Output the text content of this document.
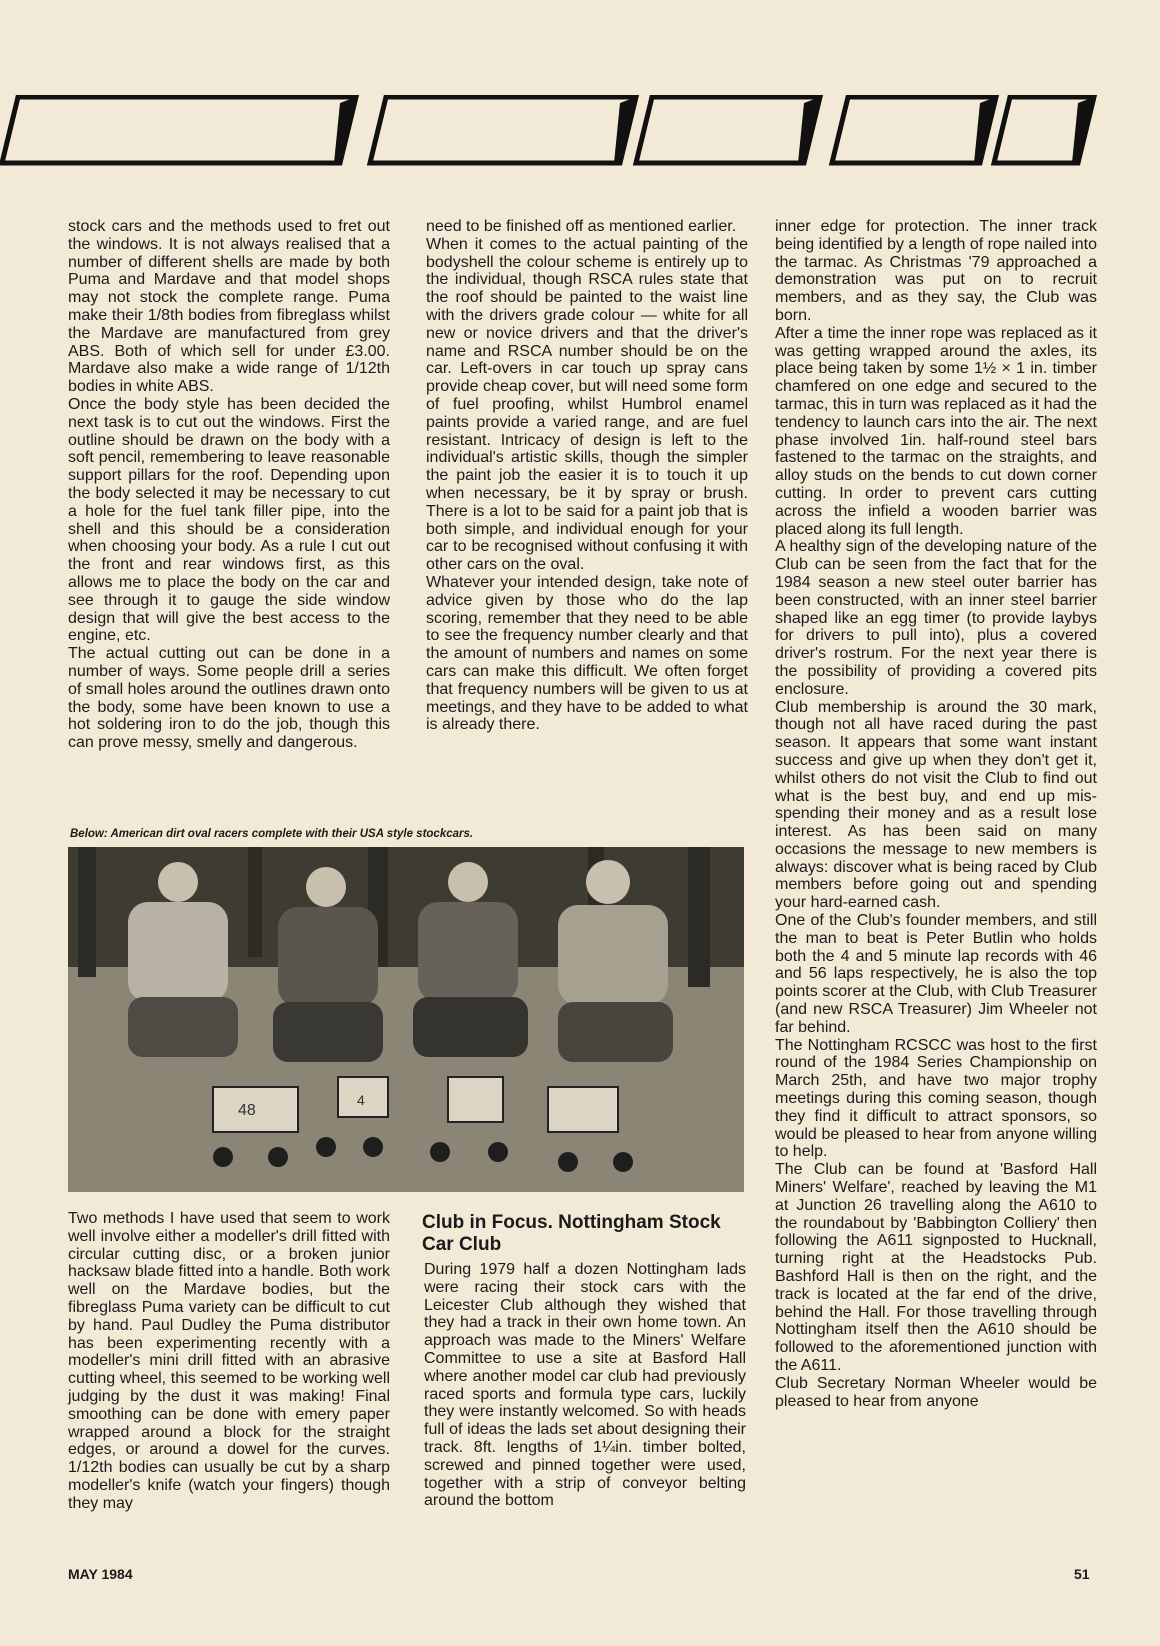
stock cars and the methods used to fret out the windows. It is not always realised that a number of different shells are made by both Puma and Mardave and that model shops may not stock the complete range. Puma make their 1/8th bodies from fibreglass whilst the Mardave are manufactured from grey ABS. Both of which sell for under £3.00. Mardave also make a wide range of 1/12th bodies in white ABS.
Once the body style has been decided the next task is to cut out the windows. First the outline should be drawn on the body with a soft pencil, remembering to leave reasonable support pillars for the roof. Depending upon the body selected it may be necessary to cut a hole for the fuel tank filler pipe, into the shell and this should be a consideration when choosing your body. As a rule I cut out the front and rear windows first, as this allows me to place the body on the car and see through it to gauge the side window design that will give the best access to the engine, etc.
The actual cutting out can be done in a number of ways. Some people drill a series of small holes around the outlines drawn onto the body, some have been known to use a hot soldering iron to do the job, though this can prove messy, smelly and dangerous.
need to be finished off as mentioned earlier.
When it comes to the actual painting of the bodyshell the colour scheme is entirely up to the individual, though RSCA rules state that the roof should be painted to the waist line with the drivers grade colour — white for all new or novice drivers and that the driver's name and RSCA number should be on the car. Left-overs in car touch up spray cans provide cheap cover, but will need some form of fuel proofing, whilst Humbrol enamel paints provide a varied range, and are fuel resistant. Intricacy of design is left to the individual's artistic skills, though the simpler the paint job the easier it is to touch it up when necessary, be it by spray or brush. There is a lot to be said for a paint job that is both simple, and individual enough for your car to be recognised without confusing it with other cars on the oval.
Whatever your intended design, take note of advice given by those who do the lap scoring, remember that they need to be able to see the frequency number clearly and that the amount of numbers and names on some cars can make this difficult. We often forget that frequency numbers will be given to us at meetings, and they have to be added to what is already there.
inner edge for protection. The inner track being identified by a length of rope nailed into the tarmac. As Christmas '79 approached a demonstration was put on to recruit members, and as they say, the Club was born.
After a time the inner rope was replaced as it was getting wrapped around the axles, its place being taken by some 1½ × 1 in. timber chamfered on one edge and secured to the tarmac, this in turn was replaced as it had the tendency to launch cars into the air. The next phase involved 1in. half-round steel bars fastened to the tarmac on the straights, and alloy studs on the bends to cut down corner cutting. In order to prevent cars cutting across the infield a wooden barrier was placed along its full length.
A healthy sign of the developing nature of the Club can be seen from the fact that for the 1984 season a new steel outer barrier has been constructed, with an inner steel barrier shaped like an egg timer (to provide laybys for drivers to pull into), plus a covered driver's rostrum. For the next year there is the possibility of providing a covered pits enclosure.
Club membership is around the 30 mark, though not all have raced during the past season. It appears that some want instant success and give up when they don't get it, whilst others do not visit the Club to find out what is the best buy, and end up mis-spending their money and as a result lose interest. As has been said on many occasions the message to new members is always: discover what is being raced by Club members before going out and spending your hard-earned cash.
One of the Club's founder members, and still the man to beat is Peter Butlin who holds both the 4 and 5 minute lap records with 46 and 56 laps respectively, he is also the top points scorer at the Club, with Club Treasurer (and new RSCA Treasurer) Jim Wheeler not far behind.
The Nottingham RCSCC was host to the first round of the 1984 Series Championship on March 25th, and have two major trophy meetings during this coming season, though they find it difficult to attract sponsors, so would be pleased to hear from anyone willing to help.
The Club can be found at 'Basford Hall Miners' Welfare', reached by leaving the M1 at Junction 26 travelling along the A610 to the roundabout by 'Babbington Colliery' then following the A611 signposted to Hucknall, turning right at the Headstocks Pub. Bashford Hall is then on the right, and the track is located at the far end of the drive, behind the Hall. For those travelling through Nottingham itself then the A610 should be followed to the aforementioned junction with the A611.
Club Secretary Norman Wheeler would be pleased to hear from anyone
Below: American dirt oval racers complete with their USA style stockcars.
48
4
Two methods I have used that seem to work well involve either a modeller's drill fitted with circular cutting disc, or a broken junior hacksaw blade fitted into a handle. Both work well on the Mardave bodies, but the fibreglass Puma variety can be difficult to cut by hand. Paul Dudley the Puma distributor has been experimenting recently with a modeller's mini drill fitted with an abrasive cutting wheel, this seemed to be working well judging by the dust it was making! Final smoothing can be done with emery paper wrapped around a block for the straight edges, or around a dowel for the curves. 1/12th bodies can usually be cut by a sharp modeller's knife (watch your fingers) though they may
Club in Focus. Nottingham Stock Car Club
During 1979 half a dozen Nottingham lads were racing their stock cars with the Leicester Club although they wished that they had a track in their own home town. An approach was made to the Miners' Welfare Committee to use a site at Basford Hall where another model car club had previously raced sports and formula type cars, luckily they were instantly welcomed. So with heads full of ideas the lads set about designing their track. 8ft. lengths of 1¼in. timber bolted, screwed and pinned together were used, together with a strip of conveyor belting around the bottom
MAY 1984	51
